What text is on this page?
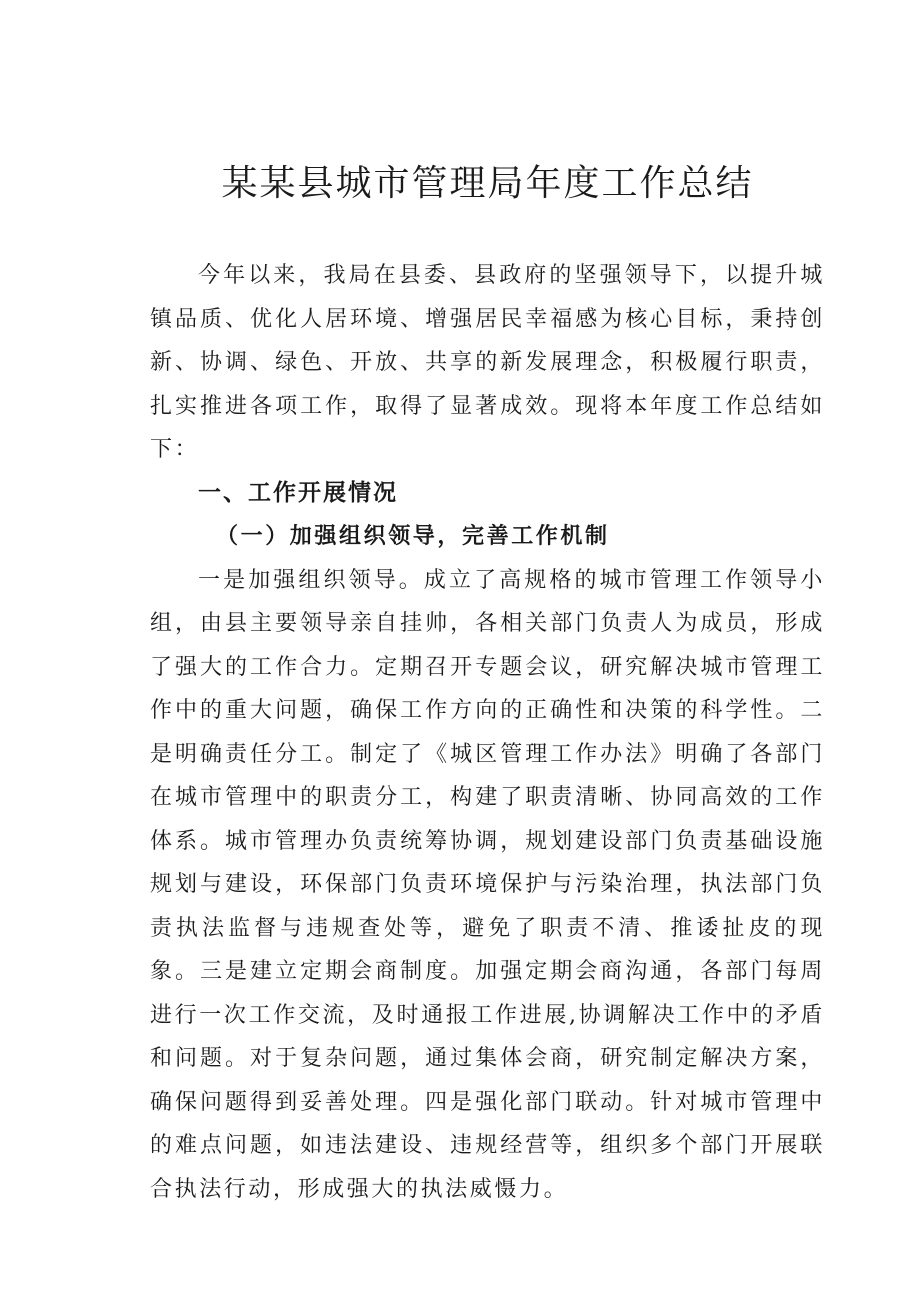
某某县城市管理局年度工作总结

今年以来，我局在县委、县政府的坚强领导下，以提升城镇品质、优化人居环境、增强居民幸福感为核心目标，秉持创新、协调、绿色、开放、共享的新发展理念，积极履行职责，扎实推进各项工作，取得了显著成效。现将本年度工作总结如下：

一、工作开展情况
（一）加强组织领导，完善工作机制

一是加强组织领导。成立了高规格的城市管理工作领导小组，由县主要领导亲自挂帅，各相关部门负责人为成员，形成了强大的工作合力。定期召开专题会议，研究解决城市管理工作中的重大问题，确保工作方向的正确性和决策的科学性。二是明确责任分工。制定了《城区管理工作办法》明确了各部门在城市管理中的职责分工，构建了职责清晰、协同高效的工作体系。城市管理办负责统筹协调，规划建设部门负责基础设施规划与建设，环保部门负责环境保护与污染治理，执法部门负责执法监督与违规查处等，避免了职责不清、推诿扯皮的现象。三是建立定期会商制度。加强定期会商沟通，各部门每周进行一次工作交流，及时通报工作进展,协调解决工作中的矛盾和问题。对于复杂问题，通过集体会商，研究制定解决方案，确保问题得到妥善处理。四是强化部门联动。针对城市管理中的难点问题，如违法建设、违规经营等，组织多个部门开展联合执法行动，形成强大的执法威慑力。
